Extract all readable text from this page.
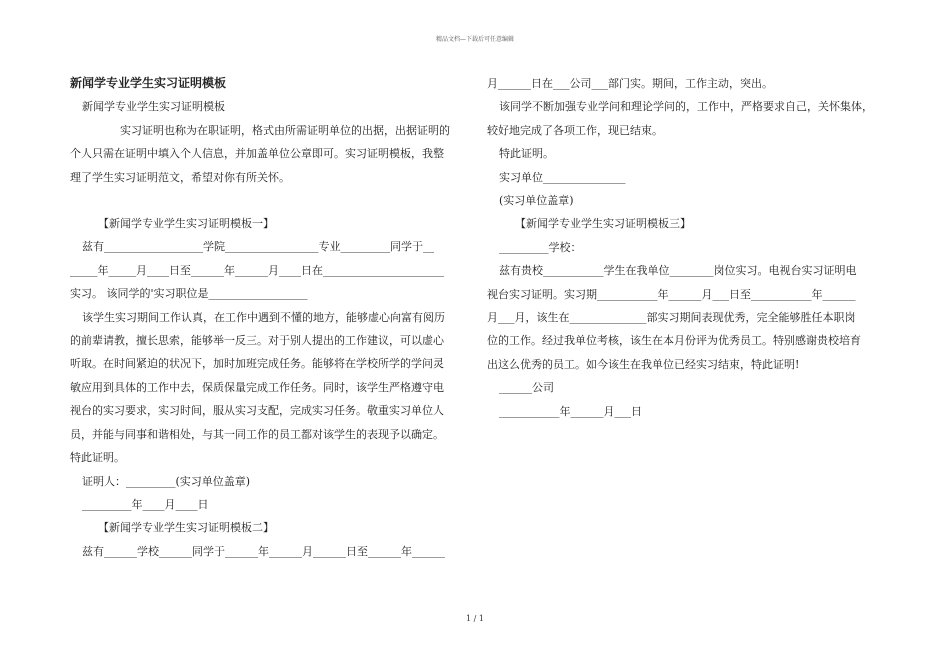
精品文档—下载后可任意编辑
新闻学专业学生实习证明模板
新闻学专业学生实习证明模板
实习证明也称为在职证明，格式由所需证明单位的出据，出据证明的
个人只需在证明中填入个人信息，并加盖单位公章即可。实习证明模板，我整
理了学生实习证明范文，希望对你有所关怀。
【新闻学专业学生实习证明模板一】
兹有__________________学院_________________专业_________同学于__
_____年_____月____日至______年______月____日在______________________
实习。 该同学的'实习职位是__________________
该学生实习期间工作认真，在工作中遇到不懂的地方，能够虚心向富有阅历
的前辈请教，擅长思索，能够举一反三。对于别人提出的工作建议，可以虚心
听取。在时间紧迫的状况下，加时加班完成任务。能够将在学校所学的学问灵
敏应用到具体的工作中去，保质保量完成工作任务。同时，该学生严格遵守电
视台的实习要求，实习时间，服从实习支配，完成实习任务。敬重实习单位人
员，并能与同事和谐相处，与其一同工作的员工都对该学生的表现予以确定。
特此证明。
证明人：_________(实习单位盖章)
_________年____月____日
【新闻学专业学生实习证明模板二】
兹有______学校______同学于______年______月______日至______年______
月______日在___公司___部门实。期间，工作主动，突出。
该同学不断加强专业学问和理论学问的，工作中，严格要求自己，关怀集体，
较好地完成了各项工作，现已结束。
特此证明。
实习单位_______________
(实习单位盖章)
【新闻学专业学生实习证明模板三】
_________学校：
兹有贵校___________学生在我单位________岗位实习。电视台实习证明电
视台实习证明。实习期___________年______月___日至___________年______
月___月，该生在______________部实习期间表现优秀，完全能够胜任本职岗
位的工作。经过我单位考核，该生在本月份评为优秀员工。特别感谢贵校培育
出这么优秀的员工。如今该生在我单位已经实习结束，特此证明!
______公司
___________年______月___日
1 / 1
